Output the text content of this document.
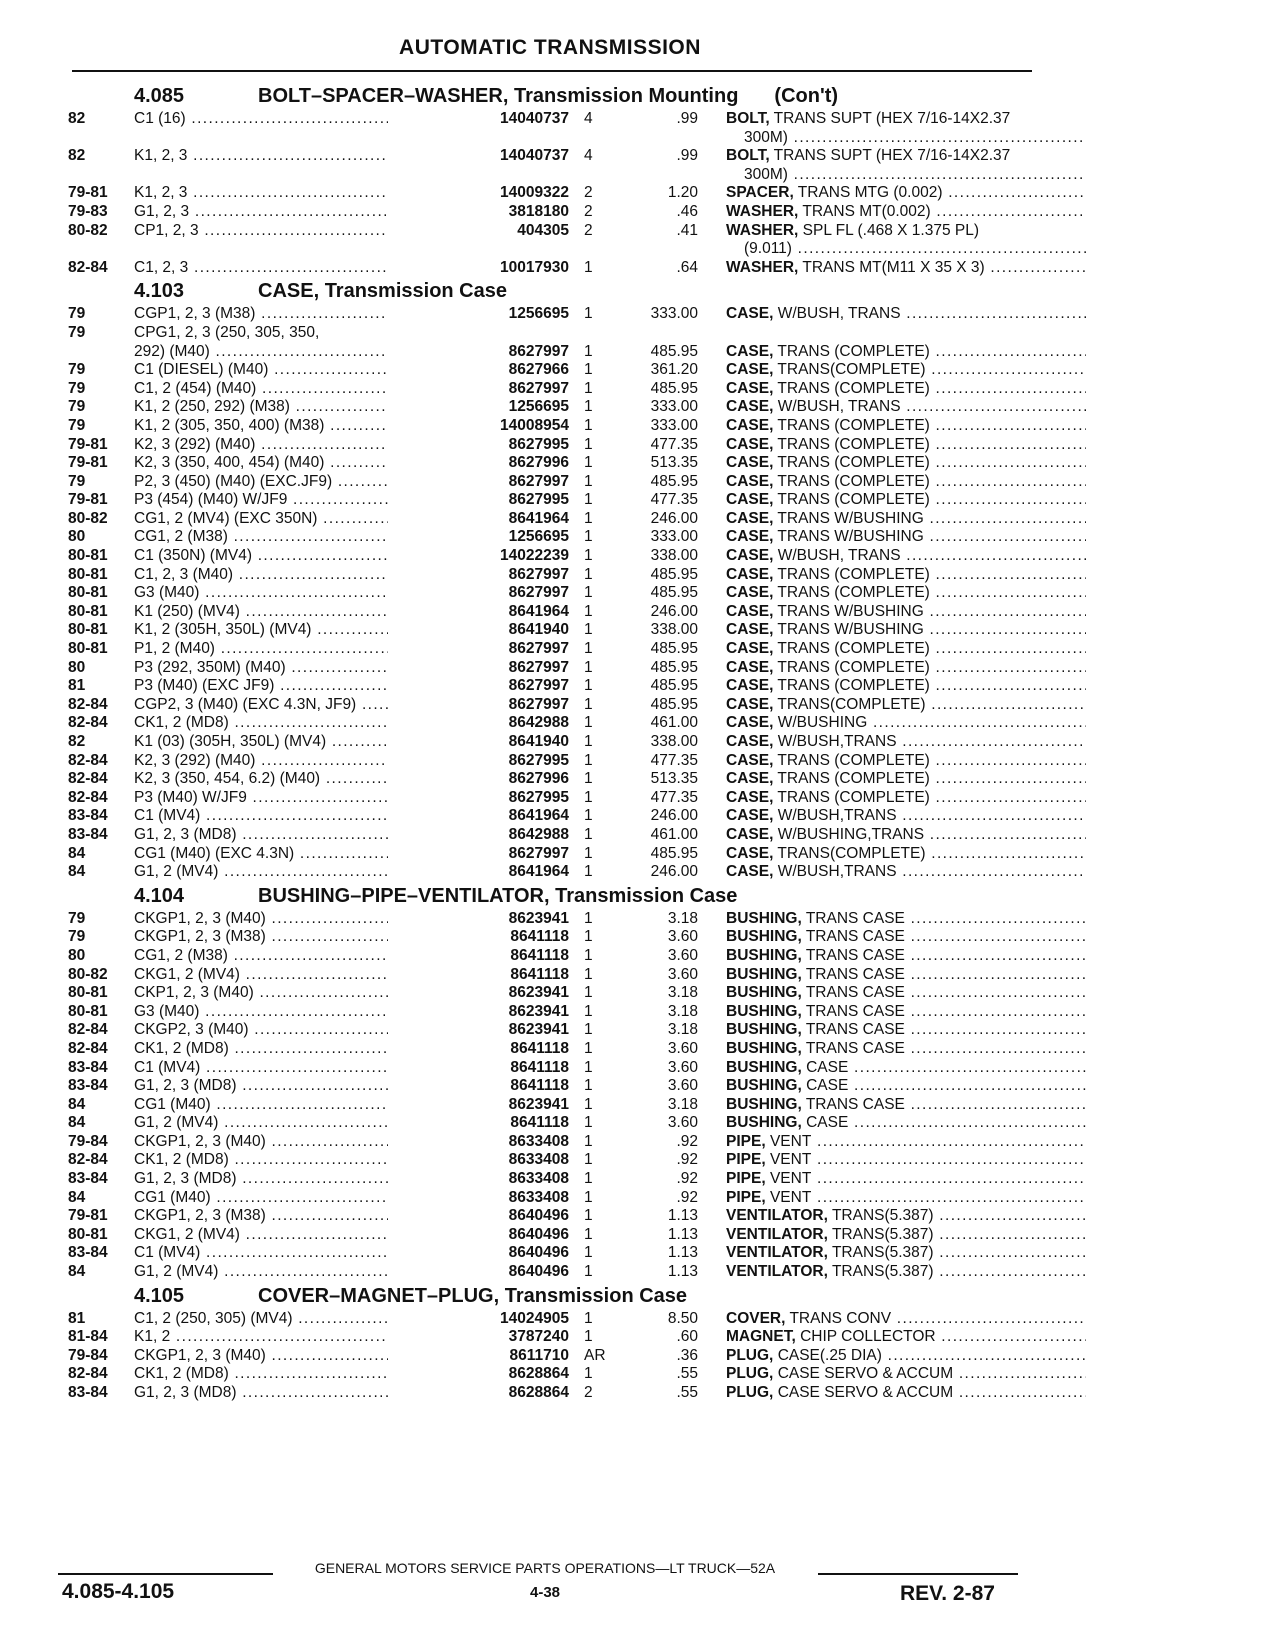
AUTOMATIC TRANSMISSION
4.085	BOLT–SPACER–WASHER, Transmission Mounting (Con't)
82	C1 (16) .....	14040737 4	.99 BOLT, TRANS SUPT (HEX 7/16-14X2.37
300M) .....
82	K1, 2, 3 .....	14040737 4	.99 BOLT, TRANS SUPT (HEX 7/16-14X2.37
300M) .....
79-81 K1, 2, 3 .....	14009322 2	1.20 SPACER, TRANS MTG (0.002) .....
79-83 G1, 2, 3 .....	3818180 2	.46 WASHER, TRANS MT(0.002) .....
80-82 CP1, 2, 3 .....	404305 2	.41 WASHER, SPL FL (.468 X 1.375 PL)
(9.011) .....
82-84 C1, 2, 3 .....	10017930 1	.64 WASHER, TRANS MT(M11 X 35 X 3) .....
4.103	CASE, Transmission Case
79	CGP1, 2, 3 (M38) .....	1256695 1	333.00 CASE, W/BUSH, TRANS .....
79	CPG1, 2, 3 (250, 305, 350,
292) (M40) .....	8627997 1	485.95 CASE, TRANS (COMPLETE) .....
79	C1 (DIESEL) (M40) .....	8627966 1	361.20 CASE, TRANS(COMPLETE) .....
79	C1, 2 (454) (M40) .....	8627997 1	485.95 CASE, TRANS (COMPLETE) .....
79	K1, 2 (250, 292) (M38) .....	1256695 1	333.00 CASE, W/BUSH, TRANS .....
79	K1, 2 (305, 350, 400) (M38) .....	14008954 1	333.00 CASE, TRANS (COMPLETE) .....
79-81 K2, 3 (292) (M40) .....	8627995 1	477.35 CASE, TRANS (COMPLETE) .....
79-81 K2, 3 (350, 400, 454) (M40) .....	8627996 1	513.35 CASE, TRANS (COMPLETE) .....
79	P2, 3 (450) (M40) (EXC.JF9) .....	8627997 1	485.95 CASE, TRANS (COMPLETE) .....
79-81 P3 (454) (M40) W/JF9 .....	8627995 1	477.35 CASE, TRANS (COMPLETE) .....
80-82 CG1, 2 (MV4) (EXC 350N) .....	8641964 1	246.00 CASE, TRANS W/BUSHING .....
80	CG1, 2 (M38) .....	1256695 1	333.00 CASE, TRANS W/BUSHING .....
80-81 C1 (350N) (MV4) .....	14022239 1	338.00 CASE, W/BUSH, TRANS .....
80-81 C1, 2, 3 (M40) .....	8627997 1	485.95 CASE, TRANS (COMPLETE) .....
80-81 G3 (M40) .....	8627997 1	485.95 CASE, TRANS (COMPLETE) .....
80-81 K1 (250) (MV4) .....	8641964 1	246.00 CASE, TRANS W/BUSHING .....
80-81 K1, 2 (305H, 350L) (MV4) .....	8641940 1	338.00 CASE, TRANS W/BUSHING .....
80-81 P1, 2 (M40) .....	8627997 1	485.95 CASE, TRANS (COMPLETE) .....
80	P3 (292, 350M) (M40) .....	8627997 1	485.95 CASE, TRANS (COMPLETE) .....
81	P3 (M40) (EXC JF9) .....	8627997 1	485.95 CASE, TRANS (COMPLETE) .....
82-84 CGP2, 3 (M40) (EXC 4.3N, JF9) .....	8627997 1	485.95 CASE, TRANS(COMPLETE) .....
82-84 CK1, 2 (MD8) .....	8642988 1	461.00 CASE, W/BUSHING .....
82	K1 (03) (305H, 350L) (MV4) .....	8641940 1	338.00 CASE, W/BUSH,TRANS .....
82-84 K2, 3 (292) (M40) .....	8627995 1	477.35 CASE, TRANS (COMPLETE) .....
82-84 K2, 3 (350, 454, 6.2) (M40) .....	8627996 1	513.35 CASE, TRANS (COMPLETE) .....
82-84 P3 (M40) W/JF9 .....	8627995 1	477.35 CASE, TRANS (COMPLETE) .....
83-84 C1 (MV4) .....	8641964 1	246.00 CASE, W/BUSH,TRANS .....
83-84 G1, 2, 3 (MD8) .....	8642988 1	461.00 CASE, W/BUSHING,TRANS .....
84	CG1 (M40) (EXC 4.3N) .....	8627997 1	485.95 CASE, TRANS(COMPLETE) .....
84	G1, 2 (MV4) .....	8641964 1	246.00 CASE, W/BUSH,TRANS .....
4.104	BUSHING–PIPE–VENTILATOR, Transmission Case
79	CKGP1, 2, 3 (M40) .....	8623941 1	3.18 BUSHING, TRANS CASE .....
79	CKGP1, 2, 3 (M38) .....	8641118 1	3.60 BUSHING, TRANS CASE .....
80	CG1, 2 (M38) .....	8641118 1	3.60 BUSHING, TRANS CASE .....
80-82 CKG1, 2 (MV4) .....	8641118 1	3.60 BUSHING, TRANS CASE .....
80-81 CKP1, 2, 3 (M40) .....	8623941 1	3.18 BUSHING, TRANS CASE .....
80-81 G3 (M40) .....	8623941 1	3.18 BUSHING, TRANS CASE .....
82-84 CKGP2, 3 (M40) .....	8623941 1	3.18 BUSHING, TRANS CASE .....
82-84 CK1, 2 (MD8) .....	8641118 1	3.60 BUSHING, TRANS CASE .....
83-84 C1 (MV4) .....	8641118 1	3.60 BUSHING, CASE .....
83-84 G1, 2, 3 (MD8) .....	8641118 1	3.60 BUSHING, CASE .....
84	CG1 (M40) .....	8623941 1	3.18 BUSHING, TRANS CASE .....
84	G1, 2 (MV4) .....	8641118 1	3.60 BUSHING, CASE .....
79-84 CKGP1, 2, 3 (M40) .....	8633408 1	.92 PIPE, VENT .....
82-84 CK1, 2 (MD8) .....	8633408 1	.92 PIPE, VENT .....
83-84 G1, 2, 3 (MD8) .....	8633408 1	.92 PIPE, VENT .....
84	CG1 (M40) .....	8633408 1	.92 PIPE, VENT .....
79-81 CKGP1, 2, 3 (M38) .....	8640496 1	1.13 VENTILATOR, TRANS(5.387) .....
80-81 CKG1, 2 (MV4) .....	8640496 1	1.13 VENTILATOR, TRANS(5.387) .....
83-84 C1 (MV4) .....	8640496 1	1.13 VENTILATOR, TRANS(5.387) .....
84	G1, 2 (MV4) .....	8640496 1	1.13 VENTILATOR, TRANS(5.387) .....
4.105	COVER–MAGNET–PLUG, Transmission Case
81	C1, 2 (250, 305) (MV4) .....	14024905 1	8.50 COVER, TRANS CONV .....
81-84 K1, 2 .....	3787240 1	.60 MAGNET, CHIP COLLECTOR .....
79-84 CKGP1, 2, 3 (M40) .....	8611710 AR	.36 PLUG, CASE(.25 DIA) .....
82-84 CK1, 2 (MD8) .....	8628864 1	.55 PLUG, CASE SERVO & ACCUM .....
83-84 G1, 2, 3 (MD8) .....	8628864 2	.55 PLUG, CASE SERVO & ACCUM .....
GENERAL MOTORS SERVICE PARTS OPERATIONS—LT TRUCK—52A
4-38
4.085-4.105	REV. 2-87
